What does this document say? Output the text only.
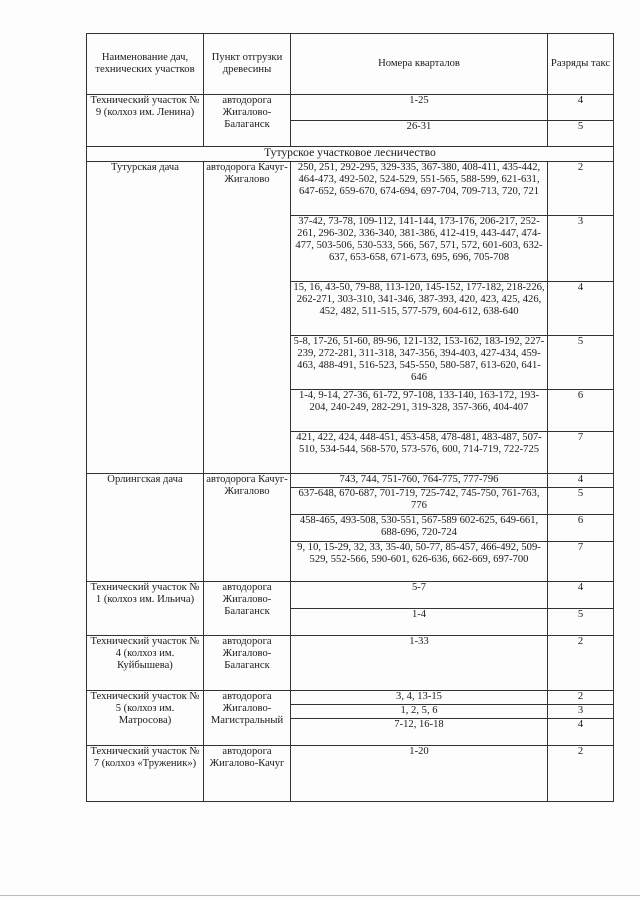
Наименование дач, технических участков	Пункт отгрузки древесины	Номера кварталов	Разряды такс
Технический участок № 9 (колхоз им. Ленина)	автодорога Жигалово-Балаганск	1-25	4
		26-31	5
Тутурское участковое лесничество			
Тутурская дача	автодорога Качуг-Жигалово	250, 251, 292-295, 329-335, 367-380, 408-411, 435-442, 464-473, 492-502, 524-529, 551-565, 588-599, 621-631, 647-652, 659-670, 674-694, 697-704, 709-713, 720, 721	2
		37-42, 73-78, 109-112, 141-144, 173-176, 206-217, 252-261, 296-302, 336-340, 381-386, 412-419, 443-447, 474-477, 503-506, 530-533, 566, 567, 571, 572, 601-603, 632-637, 653-658, 671-673, 695, 696, 705-708	3
		15, 16, 43-50, 79-88, 113-120, 145-152, 177-182, 218-226, 262-271, 303-310, 341-346, 387-393, 420, 423, 425, 426, 452, 482, 511-515, 577-579, 604-612, 638-640	4
		5-8, 17-26, 51-60, 89-96, 121-132, 153-162, 183-192, 227-239, 272-281, 311-318, 347-356, 394-403, 427-434, 459-463, 488-491, 516-523, 545-550, 580-587, 613-620, 641-646	5
		1-4, 9-14, 27-36, 61-72, 97-108, 133-140, 163-172, 193-204, 240-249, 282-291, 319-328, 357-366, 404-407	6
		421, 422, 424, 448-451, 453-458, 478-481, 483-487, 507-510, 534-544, 568-570, 573-576, 600, 714-719, 722-725	7
Орлингская дача	автодорога Качуг-Жигалово	743, 744, 751-760, 764-775, 777-796	4
		637-648, 670-687, 701-719, 725-742, 745-750, 761-763, 776	5
		458-465, 493-508, 530-551, 567-589 602-625, 649-661, 688-696, 720-724	6
		9, 10, 15-29, 32, 33, 35-40, 50-77, 85-457, 466-492, 509-529, 552-566, 590-601, 626-636, 662-669, 697-700	7
Технический участок № 1 (колхоз им. Ильича)	автодорога Жигалово-Балаганск	5-7	4
		1-4	5
Технический участок № 4 (колхоз им. Куйбышева)	автодорога Жигалово-Балаганск	1-33	2
Технический участок № 5 (колхоз им. Матросова)	автодорога Жигалово-Магистральный	3, 4, 13-15	2
		1, 2, 5, 6	3
		7-12, 16-18	4
Технический участок № 7 (колхоз «Труженик»)	автодорога Жигалово-Качуг	1-20	2
